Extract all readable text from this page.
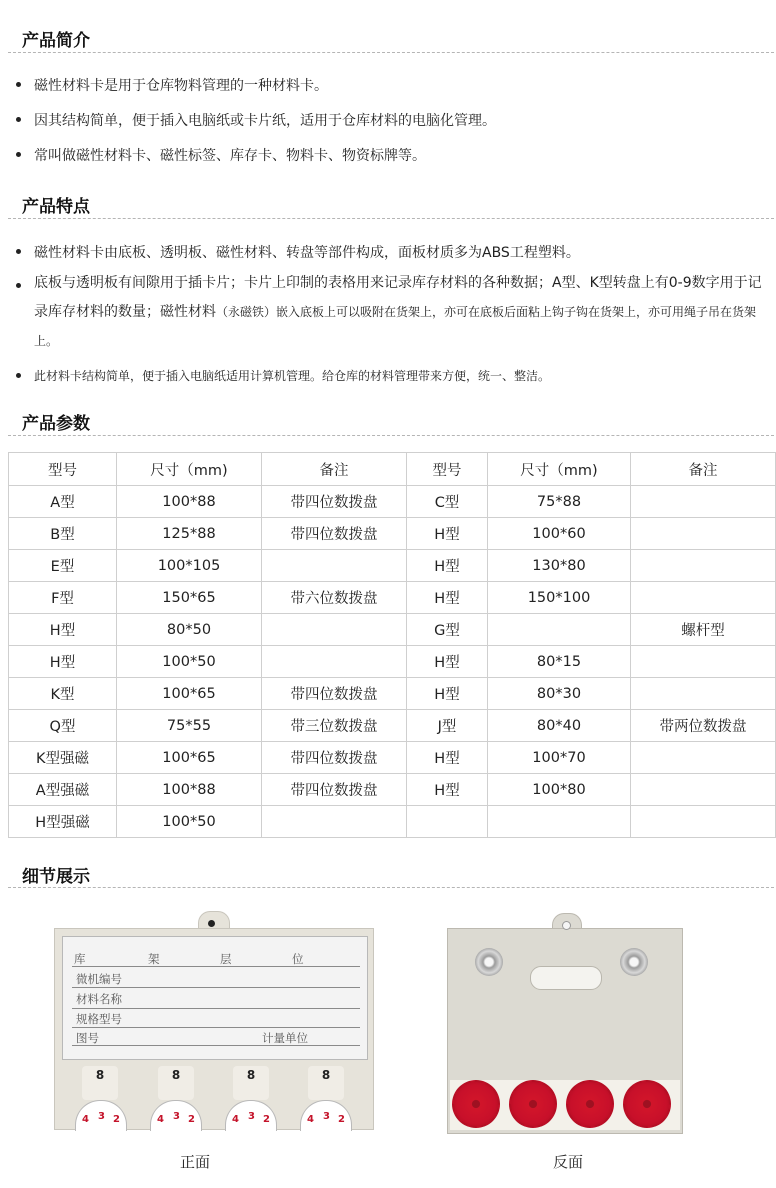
产品简介
磁性材料卡是用于仓库物料管理的一种材料卡。
因其结构简单，便于插入电脑纸或卡片纸，适用于仓库材料的电脑化管理。
常叫做磁性材料卡、磁性标签、库存卡、物料卡、物资标牌等。
产品特点
磁性材料卡由底板、透明板、磁性材料、转盘等部件构成，面板材质多为ABS工程塑料。
底板与透明板有间隙用于插卡片；卡片上印制的表格用来记录库存材料的各种数据；A型、K型转盘上有0-9数字用于记录库存材料的数量；磁性材料（永磁铁）嵌入底板上可以吸附在货架上，亦可在底板后面粘上钩子钩在货架上，亦可用绳子吊在货架上。
此材料卡结构简单，便于插入电脑纸适用计算机管理。给仓库的材料管理带来方便，统一、整洁。
产品参数
型号	尺寸（mm)	备注	型号	尺寸（mm)	备注
A型	100*88	带四位数拨盘	C型	75*88	
B型	125*88	带四位数拨盘	H型	100*60	
E型	100*105		H型	130*80	
F型	150*65	带六位数拨盘	H型	150*100	
H型	80*50		G型		螺杆型
H型	100*50		H型	80*15	
K型	100*65	带四位数拨盘	H型	80*30	
Q型	75*55	带三位数拨盘	J型	80*40	带两位数拨盘
K型强磁	100*65	带四位数拨盘	H型	100*70	
A型强磁	100*88	带四位数拨盘	H型	100*80	
H型强磁	100*50				
细节展示
库	架	层	位
微机编号
材料名称
规格型号
图号	计量单位
8	8	8	8
4 3 2	4 3 2	4 3 2	4 3 2
正面	反面
